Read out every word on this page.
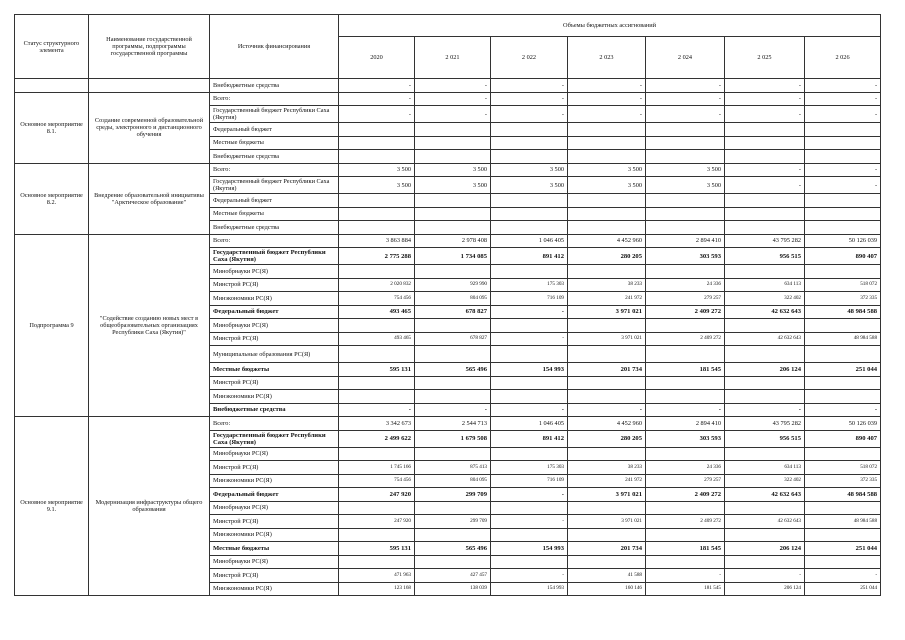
Статус структурного элемента	Наименование государственной программы, подпрограммы государственной программы	Источник финансирования	Объемы бюджетных ассигнований						
			2020	2 021	2 022	2 023	2 024	2 025	2 026
		Внебюджетные средства	-	-	-	-	-	-	-
Основное мероприятие 8.1.	Создание современной образовательной среды, электронного и дистанционного обучения	Всего:	-	-	-	-	-	-	-
		Государственный бюджет Республики Саха (Якутия)	-	-	-	-	-	-	-
		Федеральный бюджет							
		Местные бюджеты							
		Внебюджетные средства							
Основное мероприятие 8.2.	Внедрение образовательной инициативы "Арктическое образование"	Всего:	3 500	3 500	3 500	3 500	3 500	-	-
		Государственный бюджет Республики Саха (Якутия)	3 500	3 500	3 500	3 500	3 500	-	-
		Федеральный бюджет							
		Местные бюджеты							
		Внебюджетные средства							
Подпрограмма 9	"Содействие созданию новых мест в общеобразовательных организациях Республики Саха (Якутия)"	Всего:	3 863 884	2 978 408	1 046 405	4 452 960	2 894 410	43 795 282	50 126 039
		Государственный бюджет Республики Саха (Якутия)	2 775 288	1 734 085	891 412	280 205	303 593	956 515	890 407
		Минобрнауки РС(Я)							
		Минстрой РС(Я)	2 020 832	929 990	175 303	38 233	24 336	634 113	518 072
		Минэкономики РС(Я)	754 456	804 095	716 109	241 972	279 257	322 402	372 335
		Федеральный бюджет	493 465	678 827	-	3 971 021	2 409 272	42 632 643	48 984 588
		Минобрнауки РС(Я)							
		Минстрой РС(Я)	493 465	678 827	-	3 971 021	2 409 272	42 632 643	48 984 588
		Муниципальные образования РС(Я)							
		Местные бюджеты	595 131	565 496	154 993	201 734	181 545	206 124	251 044
		Минстрой РС(Я)							
		Минэкономики РС(Я)							
		Внебюджетные средства	-	-	-	-	-	-	-
Основное мероприятие 9.1.	Модернизация инфраструктуры общего образования	Всего:	3 342 673	2 544 713	1 046 405	4 452 960	2 894 410	43 795 282	50 126 039
		Государственный бюджет Республики Саха (Якутия)	2 499 622	1 679 508	891 412	280 205	303 593	956 515	890 407
		Минобрнауки РС(Я)							
		Минстрой РС(Я)	1 745 166	875 413	175 303	38 233	24 336	634 113	518 072
		Минэкономики РС(Я)	754 456	804 095	716 109	241 972	279 257	322 402	372 335
		Федеральный бюджет	247 920	299 709	-	3 971 021	2 409 272	42 632 643	48 984 588
		Минобрнауки РС(Я)							
		Минстрой РС(Я)	247 920	299 709	-	3 971 021	2 409 272	42 632 643	48 984 588
		Минэкономики РС(Я)							
		Местные бюджеты	595 131	565 496	154 993	201 734	181 545	206 124	251 044
		Минобрнауки РС(Я)							
		Минстрой РС(Я)	471 963	427 457	-	41 588	-	-	-
		Минэкономики РС(Я)	123 168	138 039	154 993	160 146	181 545	206 124	251 044
